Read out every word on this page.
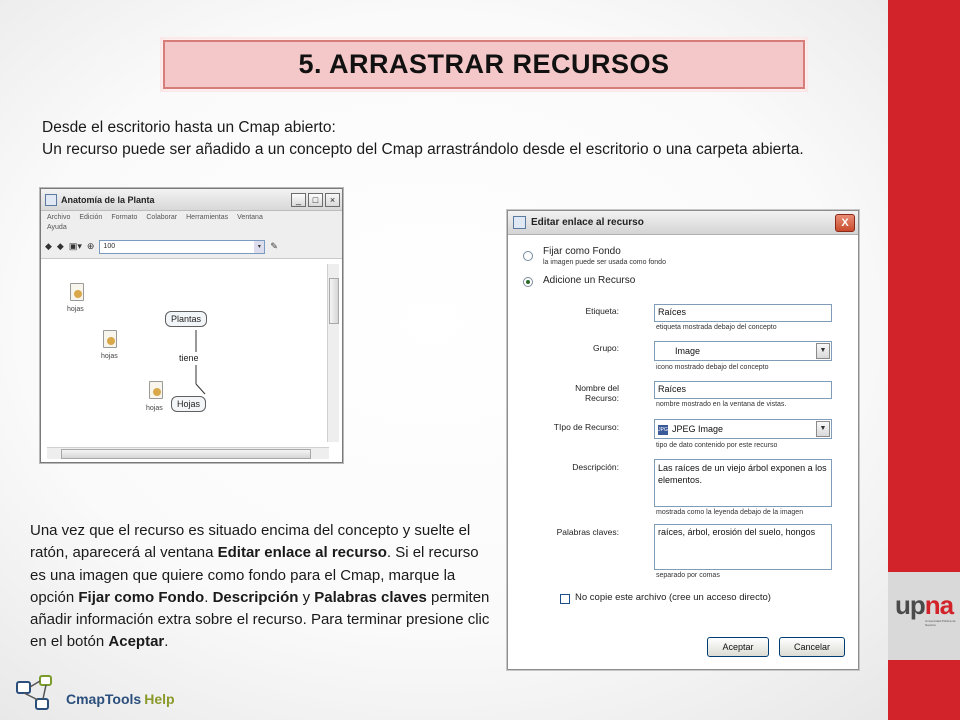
upna
Universidad Pública de Navarra
5. ARRASTRAR RECURSOS
Desde el escritorio hasta un Cmap abierto:
Un recurso puede ser añadido a un concepto del Cmap arrastrándolo desde el escritorio o una carpeta abierta.
Anatomía de la Planta	_	□	×
Archivo Edición Formato Colaborar Herramientas Ventana
Ayuda
◆ ◆ ▣▾ ⊕	100	▾	✎
hojas
hojas
hojas
Plantas
tiene
Hojas
Editar enlace al recurso	X
Fijar como Fondo
la imagen puede ser usada como fondo
Adicione un Recurso
Etiqueta:	Raíces
etiqueta mostrada debajo del concepto
Grupo:	Image	▼
icono mostrado debajo del concepto
Nombre del Recurso:
Raíces
nombre mostrado en la ventana de vistas.
TIpo de Recurso:	JPG JPEG Image	▼
tipo de dato contenido por este recurso
Descripción:	Las raíces de un viejo árbol exponen a los elementos.
mostrada como la leyenda debajo de la imagen
Palabras claves:	raíces, árbol, erosión del suelo, hongos
separado por comas
No copie este archivo (cree un acceso directo)
Aceptar	Cancelar
Una vez que el recurso es situado encima del concepto y suelte el ratón, aparecerá al ventana Editar enlace al recurso. Si el recurso es una imagen que quiere como fondo para el Cmap, marque la opción Fijar como Fondo. Descripción y Palabras claves permiten añadir información extra sobre el recurso. Para terminar presione clic en el botón Aceptar.
CmapTools Help
